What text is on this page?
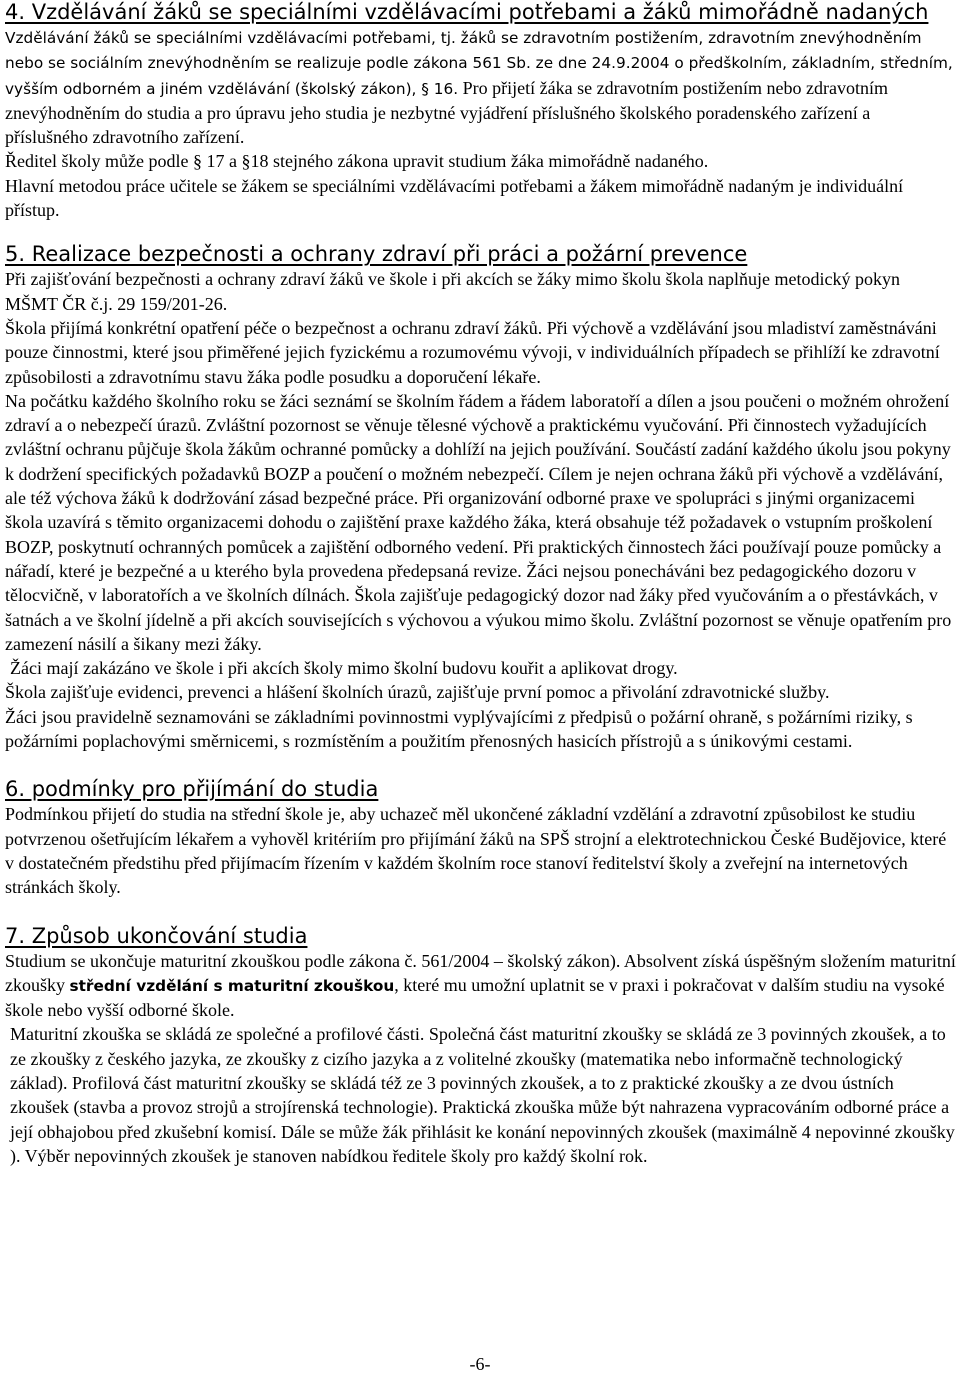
4. Vzdělávání žáků se speciálními vzdělávacími potřebami a žáků mimořádně nadaných

Vzdělávání žáků se speciálními vzdělávacími potřebami, tj. žáků se zdravotním postižením, zdravotním znevýhodněním nebo se sociálním znevýhodněním se realizuje podle zákona 561 Sb. ze dne 24.9.2004 o předškolním, základním, středním, vyšším odborném a jiném vzdělávání (školský zákon), § 16. Pro přijetí žáka se zdravotním postižením nebo zdravotním znevýhodněním do studia a pro úpravu jeho studia je nezbytné vyjádření příslušného školského poradenského zařízení a příslušného zdravotního zařízení.

Ředitel školy může podle § 17 a §18 stejného zákona upravit studium žáka mimořádně nadaného.

Hlavní metodou práce učitele se žákem se speciálními vzdělávacími potřebami a žákem mimořádně nadaným je individuální přístup.

5. Realizace bezpečnosti a ochrany zdraví při práci a požární prevence

Při zajišťování bezpečnosti a ochrany zdraví žáků ve škole i při akcích se žáky mimo školu škola naplňuje metodický pokyn MŠMT ČR č.j. 29 159/201-26.

Škola přijímá konkrétní opatření péče o bezpečnost a ochranu zdraví žáků. Při výchově a vzdělávání jsou mladiství zaměstnáváni pouze činnostmi, které jsou přiměřené jejich fyzickému a rozumovému vývoji, v individuálních případech se přihlíží ke zdravotní způsobilosti a zdravotnímu stavu žáka podle posudku a doporučení lékaře.

Na počátku každého školního roku se žáci seznámí se školním řádem a řádem laboratoří a dílen a jsou poučeni o možném ohrožení zdraví a o nebezpečí úrazů. Zvláštní pozornost se věnuje tělesné výchově a praktickému vyučování. Při činnostech vyžadujících zvláštní ochranu půjčuje škola žákům ochranné pomůcky a dohlíží na jejich používání. Součástí zadání každého úkolu jsou pokyny k dodržení specifických požadavků BOZP a poučení o možném nebezpečí. Cílem je nejen ochrana žáků při výchově a vzdělávání, ale též výchova žáků k dodržování zásad bezpečné práce. Při organizování odborné praxe ve spolupráci s jinými organizacemi škola uzavírá s těmito organizacemi dohodu o zajištění praxe každého žáka, která obsahuje též požadavek o vstupním proškolení BOZP, poskytnutí ochranných pomůcek a zajištění odborného vedení. Při praktických činnostech žáci používají pouze pomůcky a nářadí, které je bezpečné a u kterého byla provedena předepsaná revize. Žáci nejsou ponecháváni bez pedagogického dozoru v tělocvičně, v laboratořích a ve školních dílnách. Škola zajišťuje pedagogický dozor nad žáky před vyučováním a o přestávkách, v šatnách a ve školní jídelně a při akcích souvisejících s výchovou a výukou mimo školu. Zvláštní pozornost se věnuje opatřením pro zamezení násilí a šikany mezi žáky.

Žáci mají zakázáno ve škole i při akcích školy mimo školní budovu kouřit a aplikovat drogy.

Škola zajišťuje evidenci, prevenci a hlášení školních úrazů, zajišťuje první pomoc a přivolání zdravotnické služby.

Žáci jsou pravidelně seznamováni se základními povinnostmi vyplývajícími z předpisů o požární ohraně, s požárními riziky, s požárními poplachovými směrnicemi, s rozmístěním a použitím přenosných hasicích přístrojů a s únikovými cestami.

6. podmínky pro přijímání do studia

Podmínkou přijetí do studia na střední škole je, aby uchazeč měl ukončené základní vzdělání a zdravotní způsobilost ke studiu potvrzenou ošetřujícím lékařem a vyhověl kritériím pro přijímání žáků na SPŠ strojní a elektrotechnickou České Budějovice, které v dostatečném předstihu před přijímacím řízením v každém školním roce stanoví ředitelství školy a zveřejní na internetových stránkách školy.

7. Způsob ukončování studia

Studium se ukončuje maturitní zkouškou podle zákona č. 561/2004 – školský zákon). Absolvent získá úspěšným složením maturitní zkoušky střední vzdělání s maturitní zkouškou, které mu umožní uplatnit se v praxi i pokračovat v dalším studiu na vysoké škole nebo vyšší odborné škole.

Maturitní zkouška se skládá ze společné a profilové části. Společná část maturitní zkoušky se skládá ze 3 povinných zkoušek, a to ze zkoušky z českého jazyka, ze zkoušky z cizího jazyka a z volitelné zkoušky (matematika nebo informačně technologický základ). Profilová část maturitní zkoušky se skládá též ze 3 povinných zkoušek, a to z praktické zkoušky a ze dvou ústních zkoušek (stavba a provoz strojů a strojírenská technologie). Praktická zkouška může být nahrazena vypracováním odborné práce a její obhajobou před zkušební komisí. Dále se může žák přihlásit ke konání nepovinných zkoušek (maximálně 4 nepovinné zkoušky ). Výběr nepovinných zkoušek je stanoven nabídkou ředitele školy pro každý školní rok.

-6-
